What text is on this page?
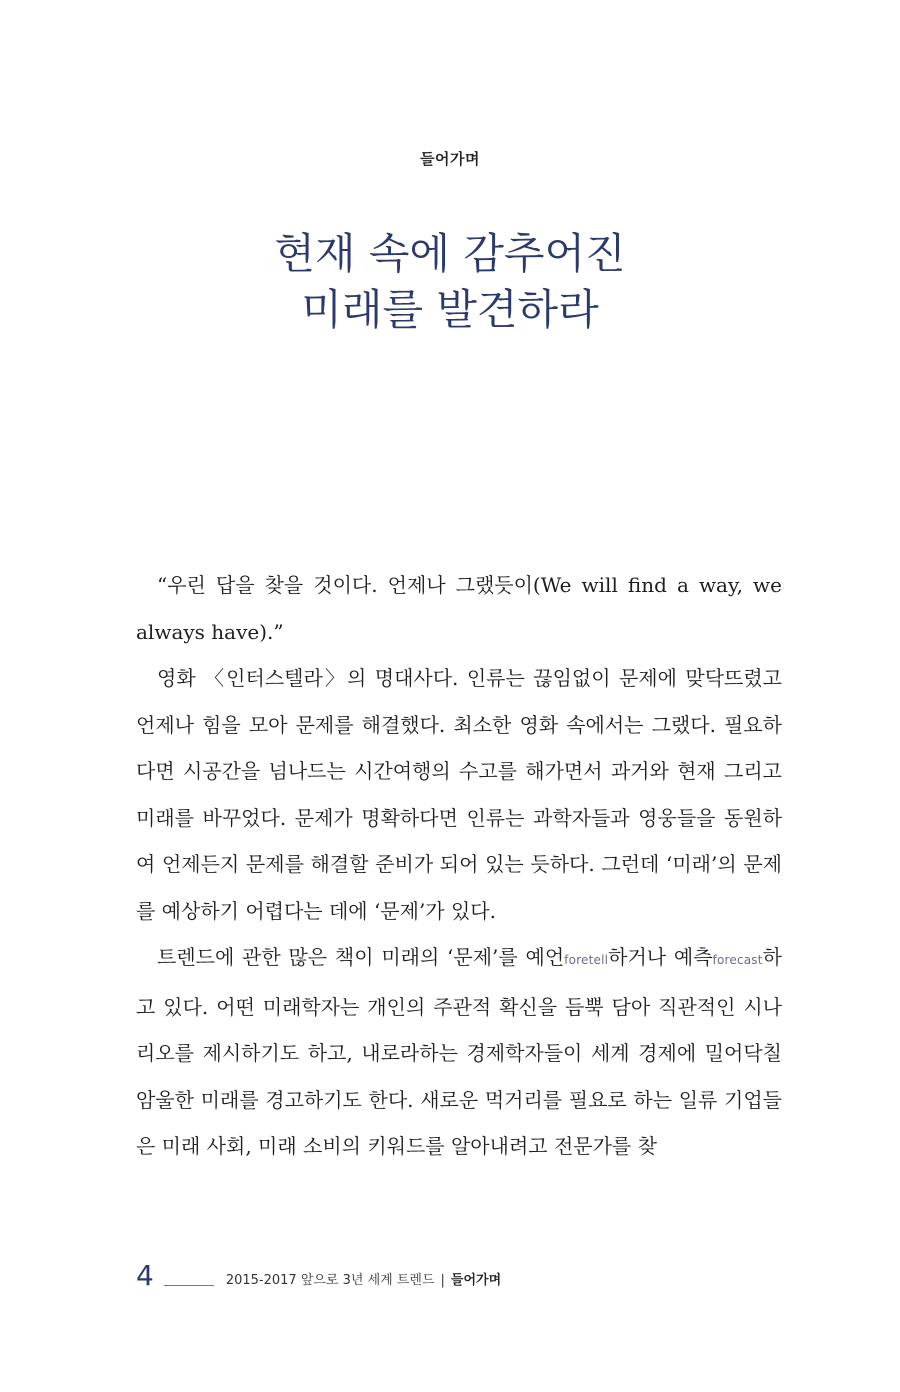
들어가며
현재 속에 감추어진
미래를 발견하라

“우린 답을 찾을 것이다. 언제나 그랬듯이(We will find a way, we always have).”

영화 〈인터스텔라〉의 명대사다. 인류는 끊임없이 문제에 맞닥뜨렸고 언제나 힘을 모아 문제를 해결했다. 최소한 영화 속에서는 그랬다. 필요하다면 시공간을 넘나드는 시간여행의 수고를 해가면서 과거와 현재 그리고 미래를 바꾸었다. 문제가 명확하다면 인류는 과학자들과 영웅들을 동원하여 언제든지 문제를 해결할 준비가 되어 있는 듯하다. 그런데 ‘미래’의 문제를 예상하기 어렵다는 데에 ‘문제’가 있다.

트렌드에 관한 많은 책이 미래의 ‘문제’를 예언foretell하거나 예측forecast하고 있다. 어떤 미래학자는 개인의 주관적 확신을 듬뿍 담아 직관적인 시나리오를 제시하기도 하고, 내로라하는 경제학자들이 세계 경제에 밀어닥칠 암울한 미래를 경고하기도 한다. 새로운 먹거리를 필요로 하는 일류 기업들은 미래 사회, 미래 소비의 키워드를 알아내려고 전문가를 찾

4	2015-2017 앞으로 3년 세계 트렌드 | 들어가며
